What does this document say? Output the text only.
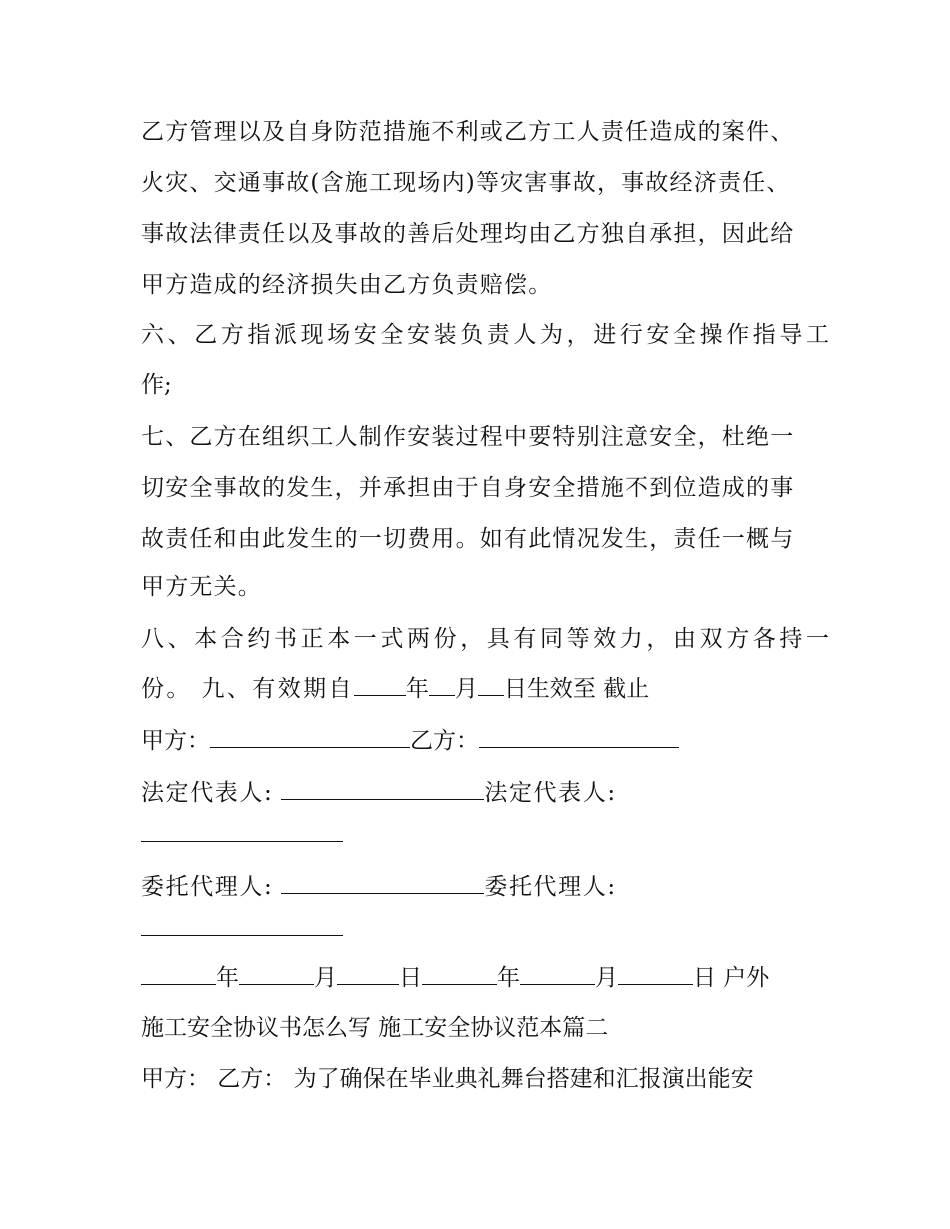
乙方管理以及自身防范措施不利或乙方工人责任造成的案件、
火灾、交通事故(含施工现场内)等灾害事故，事故经济责任、
事故法律责任以及事故的善后处理均由乙方独自承担，因此给
甲方造成的经济损失由乙方负责赔偿。
六、乙方指派现场安全安装负责人为，进行安全操作指导工
作;
七、乙方在组织工人制作安装过程中要特别注意安全，杜绝一
切安全事故的发生，并承担由于自身安全措施不到位造成的事
故责任和由此发生的一切费用。如有此情况发生，责任一概与
甲方无关。
八、本合约书正本一式两份，具有同等效力，由双方各持一
份。 九、有效期自 年 月 日生效至 截止
甲方：	乙方：
法定代表人:	法定代表人:
委托代理人:	委托代理人:
年	月	日	年	月	日 户外
施工安全协议书怎么写 施工安全协议范本篇二
甲方： 乙方： 为了确保在毕业典礼舞台搭建和汇报演出能安
